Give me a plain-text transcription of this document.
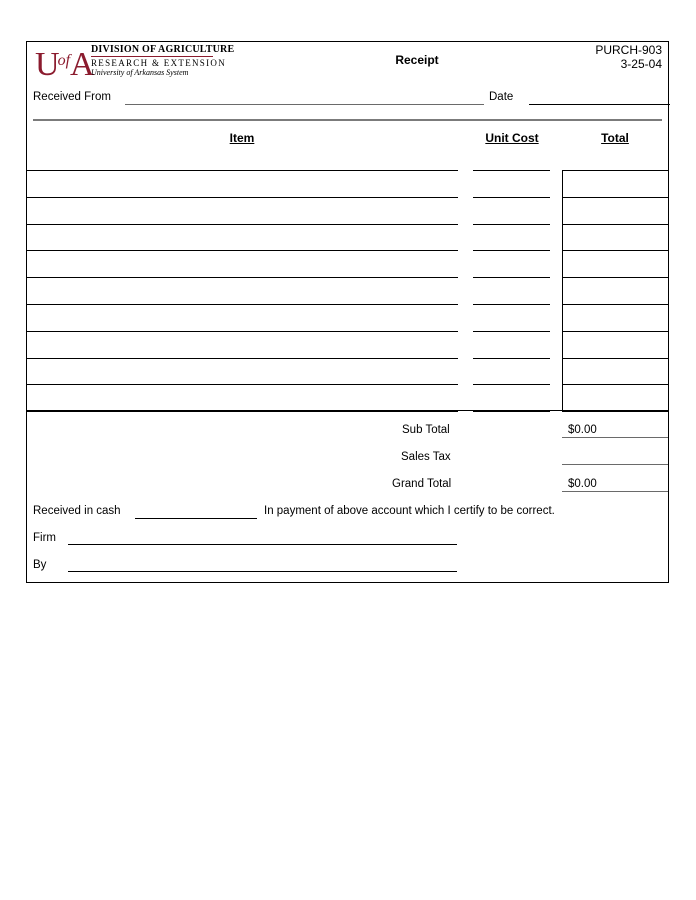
$U^{of}A$
DIVISION OF AGRICULTURE
RESEARCH & EXTENSION
University of Arkansas System
Receipt
PURCH-903
3-25-04
Received From	Date
Item	Unit Cost	Total
Sub Total	$0.00
Sales Tax
Grand Total	$0.00
Received in cash	In payment of above account which I certify to be correct.
Firm
By
